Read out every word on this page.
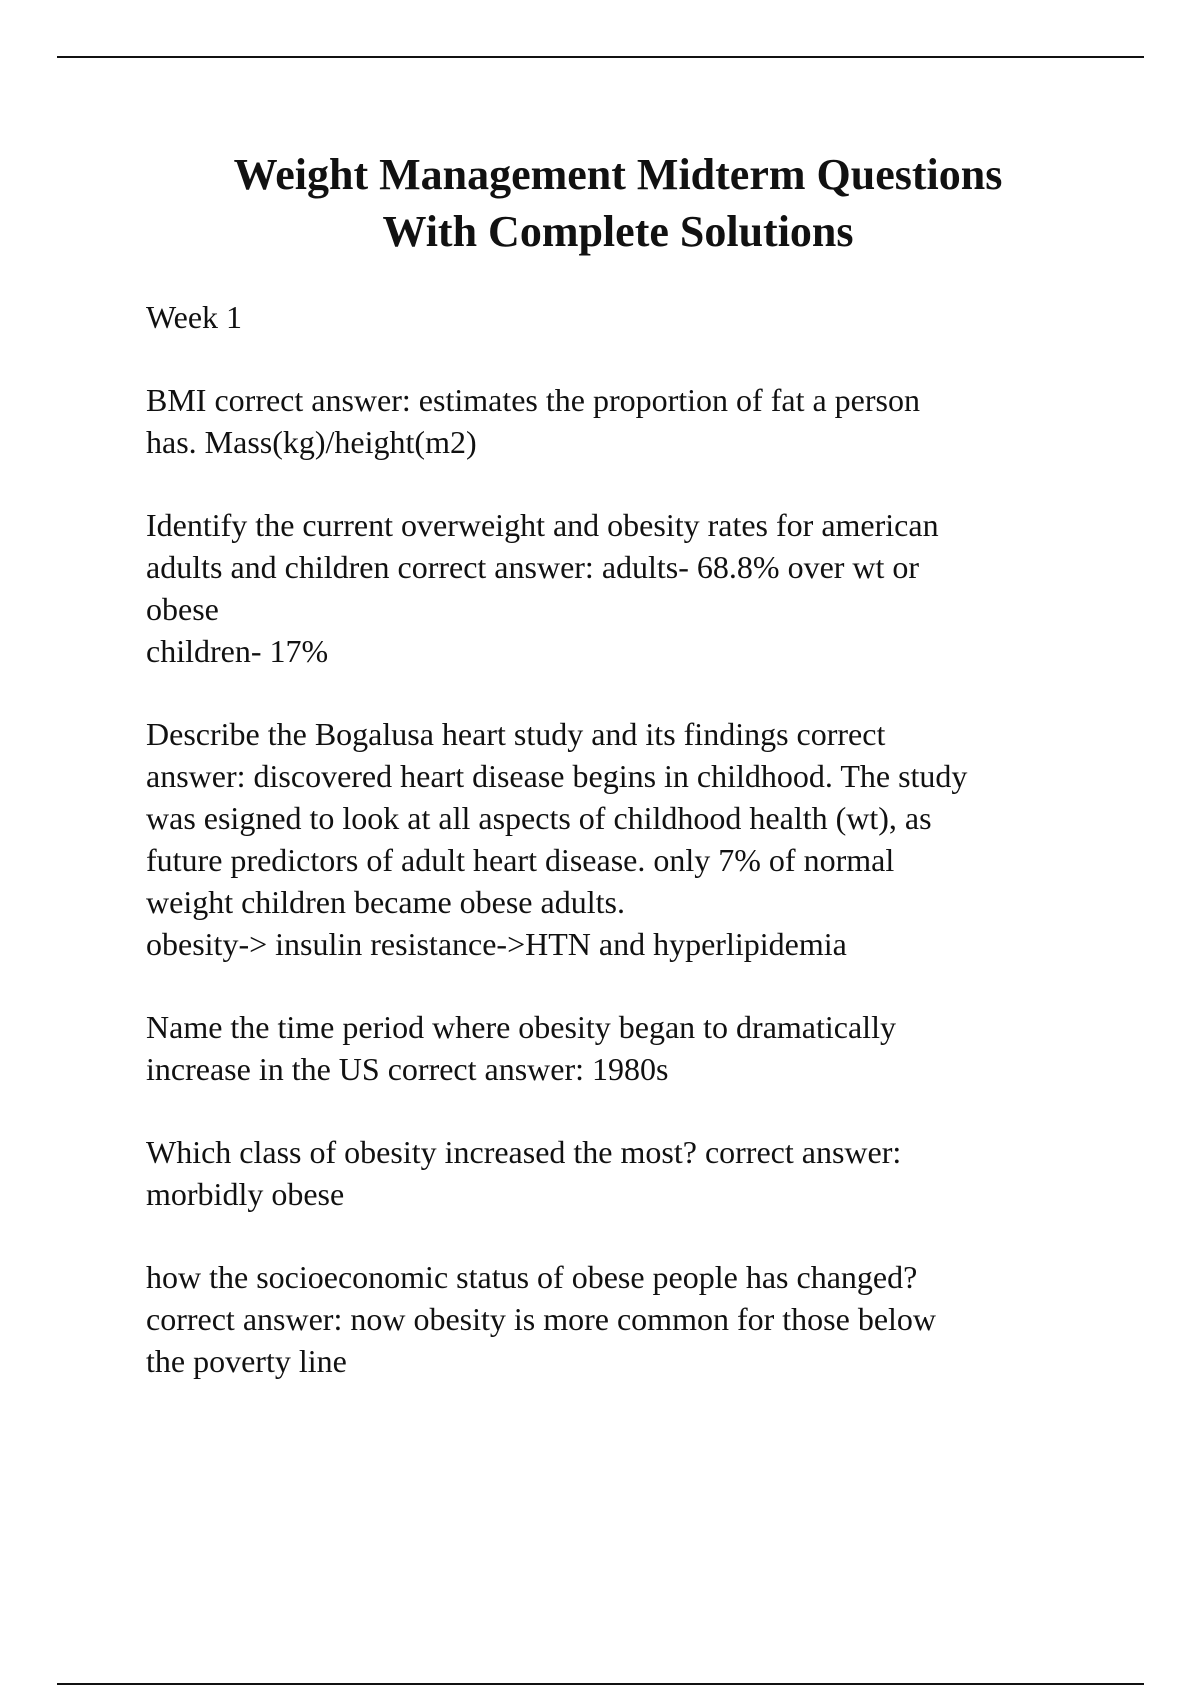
Weight Management Midterm Questions
With Complete Solutions

Week 1

BMI correct answer: estimates the proportion of fat a person
has. Mass(kg)/height(m2)

Identify the current overweight and obesity rates for american
adults and children correct answer: adults- 68.8% over wt or
obese
children- 17%

Describe the Bogalusa heart study and its findings correct
answer: discovered heart disease begins in childhood. The study
was esigned to look at all aspects of childhood health (wt), as
future predictors of adult heart disease. only 7% of normal
weight children became obese adults.
obesity-> insulin resistance->HTN and hyperlipidemia

Name the time period where obesity began to dramatically
increase in the US correct answer: 1980s

Which class of obesity increased the most? correct answer:
morbidly obese

how the socioeconomic status of obese people has changed?
correct answer: now obesity is more common for those below
the poverty line
